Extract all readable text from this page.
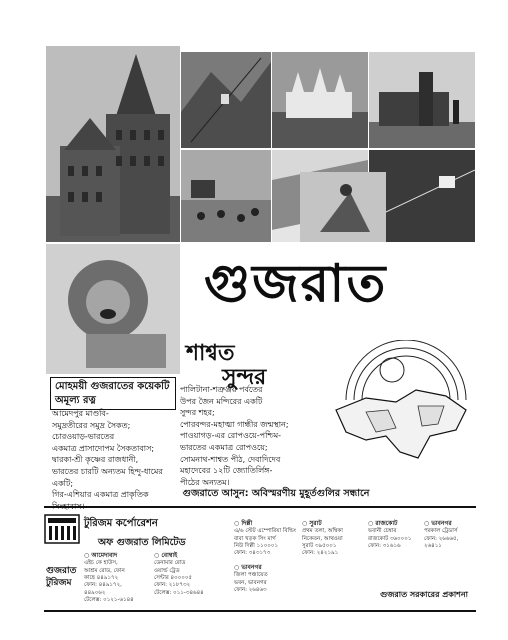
গুজরাত
শাশ্বত
সুন্দর
মোহময়ী গুজরাতের কয়েকটি অমূল্য রত্ন
আমেদপুর মাণ্ডবি-
সমুদ্রতীরের সমুদ্র সৈকত;
চোরওয়াড়-ভারতের
একমাত্র প্রাসাদোপম সৈকতাবাস;
দ্বারকা-শ্রী কৃষ্ণের রাজধানী,
ভারতের চারটি অন্যতম হিন্দু-ধামের
একটি;
গির-এশিয়ার একমাত্র প্রাকৃতিক
সিংহাবাস।
পালিটানা-শত্রুঞ্জয় পর্বতের
উপর জৈন মন্দিরের একটি
সুন্দর শহর;
পোরবন্দর-মহাত্মা গান্ধীর জন্মস্থান;
পাওয়াগড়-এর রোপওয়ে-পশ্চিম-
ভারতের একমাত্র রোপওয়ে;
সোমনাথ-শাশ্বত পীঠ, দেবাদিদেব
মহাদেবের ১২টি জ্যোতির্লিঙ্গ-
পীঠের অন্যতম।
গুজরাতে আসুন: অবিস্মরণীয় মুহূর্তগুলির সন্ধানে
গুজরাত
টুরিজম
টুরিজম কর্পোরেশন
অফ গুজরাত লিমিটেড
○ আমেদাবাদ
এইচ কে হাউস,
আশ্রম রোড, ফোন
কাছে ৪৪৯১৭২
ফোন: ৪৪৯১৭২, ৪৪৯০৬২
টেলেক্স: ০১২১-৬১৪৪
○ দিল্লী
এ/৬ স্টেট এম্পোরিয়া বিল্ডিং
বাবা খড়ক সিং মার্গ
নিউ দিল্লী ১১০০০১
ফোন: ৩৪৩১৭৩
○ বোম্বাই
ডেনামার রোড
ওয়ার্ল্ড ট্রেড
সেন্টার ৪০০০০৫
ফোন: ২১৮৭৩২
টেলেক্স: ০১১-৩৪৬৪৪
○ সুরাট
প্রথম তলা, অম্বিকা
নিকেতন, আথওয়া
সুরাট ৩৯৫০০১
ফোন: ২৪২১৯১
○ ভাবনগর
জিলা পঞ্চায়েত
ভবন, ভাবনগর
ফোন: ২৬৪৬৩
○ রাজকোট
ভবানী চেম্বার
রাজকোট ৩৬০০০১
ফোন: ৩১৬১৬
○ ভাবনগর
পরকাল ট্রেডার্স
ফোন: ২৬৬৬৫,
২৬৪১১
গুজরাত সরকারের প্রকাশনা
